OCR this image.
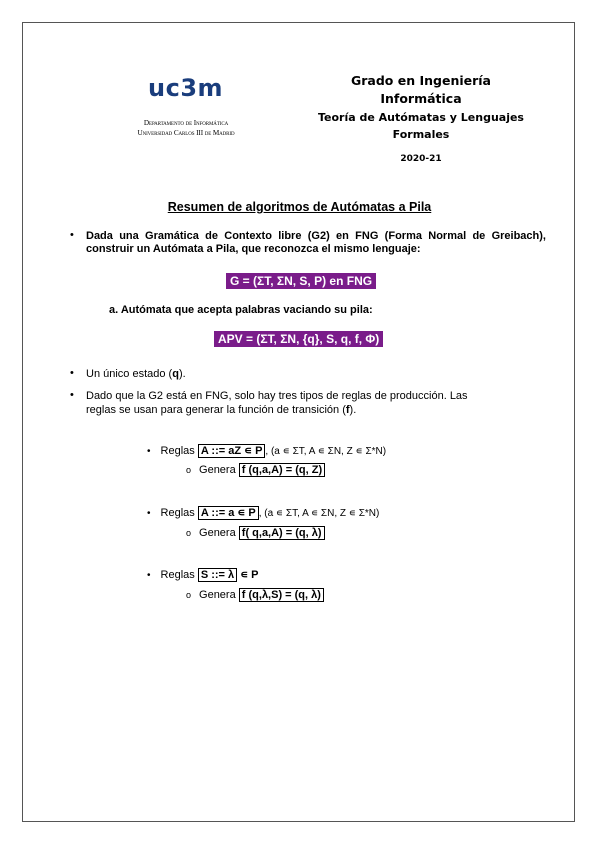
uc3m
Departamento de Informática
Universidad Carlos III de Madrid
Grado en Ingeniería
Informática
Teoría de Autómatas y Lenguajes
Formales
2020-21
Resumen de algoritmos de Autómatas a Pila
• Dada una Gramática de Contexto libre (G2) en FNG (Forma Normal de Greibach), construir un Autómata a Pila, que reconozca el mismo lenguaje:
G = (ΣT, ΣN, S, P) en FNG
a. Autómata que acepta palabras vaciando su pila:
APV = (ΣT, ΣN, {q}, S, q, f, Φ)
• Un único estado (q).
• Dado que la G2 está en FNG, solo hay tres tipos de reglas de producción. Las
reglas se usan para generar la función de transición (f).
• Reglas A ::= aZ ∊ P , (a ∊ ΣT, A ∊ ΣN, Z ∊ Σ*N)
o Genera f (q,a,A) = (q, Z)
• Reglas A ::= a ∊ P , (a ∊ ΣT, A ∊ ΣN, Z ∊ Σ*N)
o Genera f( q,a,A) = (q, λ)
• Reglas S ::= λ ∊ P
o Genera f (q,λ,S) = (q, λ)
